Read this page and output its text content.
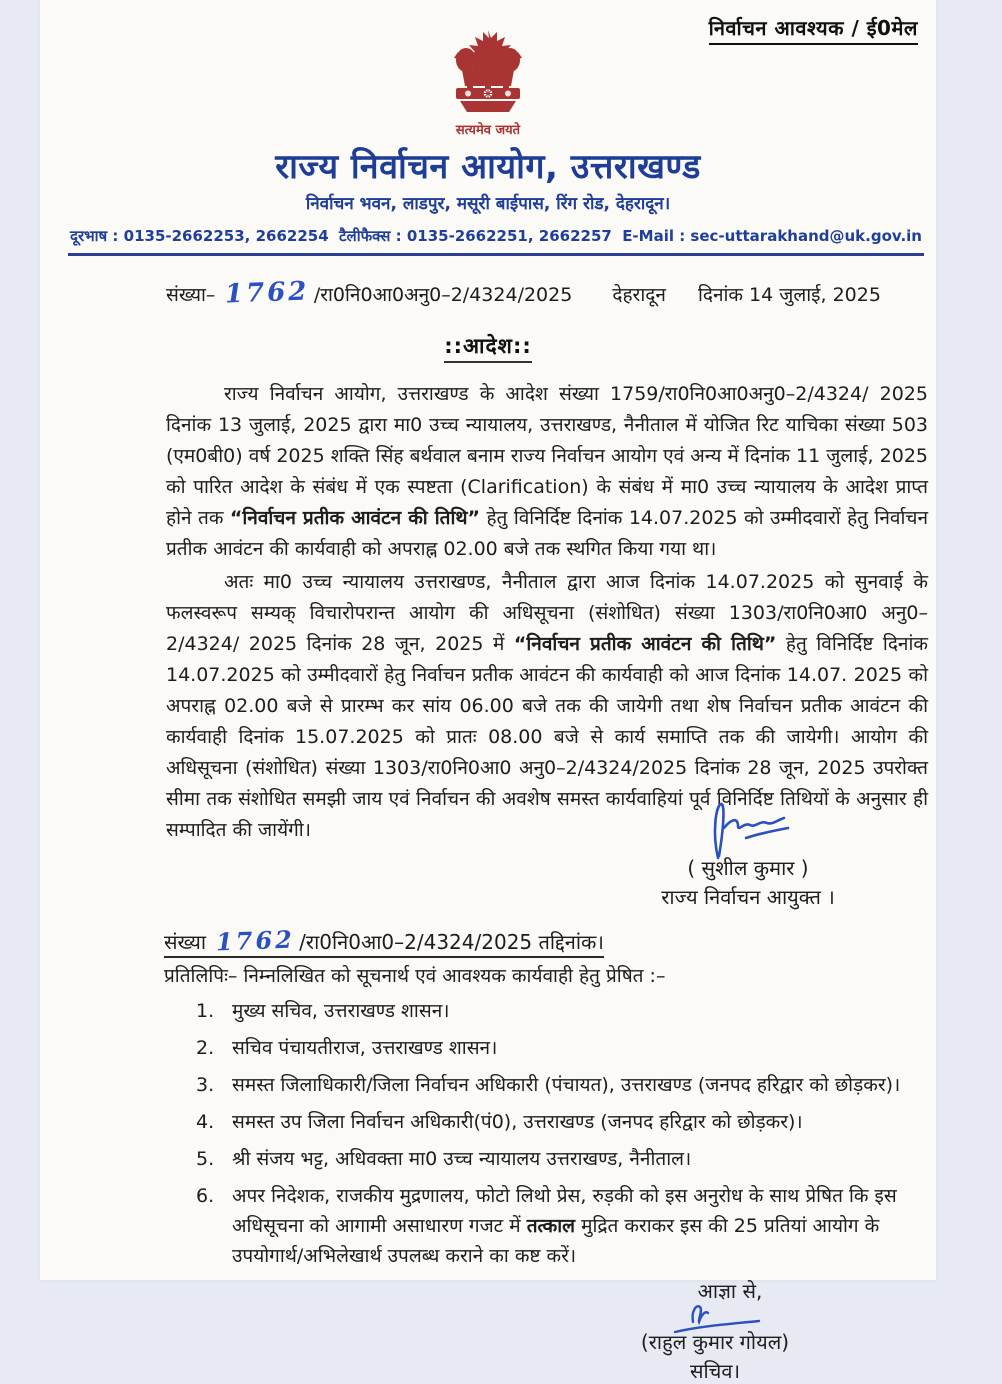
निर्वाचन आवश्यक / ई0मेल
सत्यमेव जयते
राज्य निर्वाचन आयोग, उत्तराखण्ड
निर्वाचन भवन, लाडपुर, मसूरी बाईपास, रिंग रोड, देहरादून।
दूरभाष : 0135-2662253, 2662254 टैलीफैक्स : 0135-2662251, 2662257 E-Mail : sec-uttarakhand@uk.gov.in
संख्या– 1762 /रा0नि0आ0अनु0–2/4324/2025 देहरादून दिनांक 14 जुलाई, 2025
::आदेश::

राज्य निर्वाचन आयोग, उत्तराखण्ड के आदेश संख्या 1759/रा0नि0आ0अनु0–2/4324/ 2025 दिनांक 13 जुलाई, 2025 द्वारा मा0 उच्च न्यायालय, उत्तराखण्ड, नैनीताल में योजित रिट याचिका संख्या 503 (एम0बी0) वर्ष 2025 शक्ति सिंह बर्थवाल बनाम राज्य निर्वाचन आयोग एवं अन्य में दिनांक 11 जुलाई, 2025 को पारित आदेश के संबंध में एक स्पष्टता (Clarification) के संबंध में मा0 उच्च न्यायालय के आदेश प्राप्त होने तक “निर्वाचन प्रतीक आवंटन की तिथि” हेतु विनिर्दिष्ट दिनांक 14.07.2025 को उम्मीदवारों हेतु निर्वाचन प्रतीक आवंटन की कार्यवाही को अपराह्न 02.00 बजे तक स्थगित किया गया था।

अतः मा0 उच्च न्यायालय उत्तराखण्ड, नैनीताल द्वारा आज दिनांक 14.07.2025 को सुनवाई के फलस्वरूप सम्यक् विचारोपरान्त आयोग की अधिसूचना (संशोधित) संख्या 1303/रा0नि0आ0 अनु0–2/4324/ 2025 दिनांक 28 जून, 2025 में “निर्वाचन प्रतीक आवंटन की तिथि” हेतु विनिर्दिष्ट दिनांक 14.07.2025 को उम्मीदवारों हेतु निर्वाचन प्रतीक आवंटन की कार्यवाही को आज दिनांक 14.07. 2025 को अपराह्न 02.00 बजे से प्रारम्भ कर सांय 06.00 बजे तक की जायेगी तथा शेष निर्वाचन प्रतीक आवंटन की कार्यवाही दिनांक 15.07.2025 को प्रातः 08.00 बजे से कार्य समाप्ति तक की जायेगी। आयोग की अधिसूचना (संशोधित) संख्या 1303/रा0नि0आ0 अनु0–2/4324/2025 दिनांक 28 जून, 2025 उपरोक्त सीमा तक संशोधित समझी जाय एवं निर्वाचन की अवशेष समस्त कार्यवाहियां पूर्व विनिर्दिष्ट तिथियों के अनुसार ही सम्पादित की जायेंगी।

( सुशील कुमार )
राज्य निर्वाचन आयुक्त ।
संख्या 1762 /रा0नि0आ0–2/4324/2025 तद्दिनांक।
प्रतिलिपिः– निम्नलिखित को सूचनार्थ एवं आवश्यक कार्यवाही हेतु प्रेषित :–
1. मुख्य सचिव, उत्तराखण्ड शासन।
2. सचिव पंचायतीराज, उत्तराखण्ड शासन।
3. समस्त जिलाधिकारी/जिला निर्वाचन अधिकारी (पंचायत), उत्तराखण्ड (जनपद हरिद्वार को छोड़कर)।
4. समस्त उप जिला निर्वाचन अधिकारी(पं0), उत्तराखण्ड (जनपद हरिद्वार को छोड़कर)।
5. श्री संजय भट्ट, अधिवक्ता मा0 उच्च न्यायालय उत्तराखण्ड, नैनीताल।
6. अपर निदेशक, राजकीय मुद्रणालय, फोटो लिथो प्रेस, रुड़की को इस अनुरोध के साथ प्रेषित कि इस अधिसूचना को आगामी असाधारण गजट में तत्काल मुद्रित कराकर इस की 25 प्रतियां आयोग के उपयोगार्थ/अभिलेखार्थ उपलब्ध कराने का कष्ट करें।
आज्ञा से,
(राहुल कुमार गोयल)
सचिव।
